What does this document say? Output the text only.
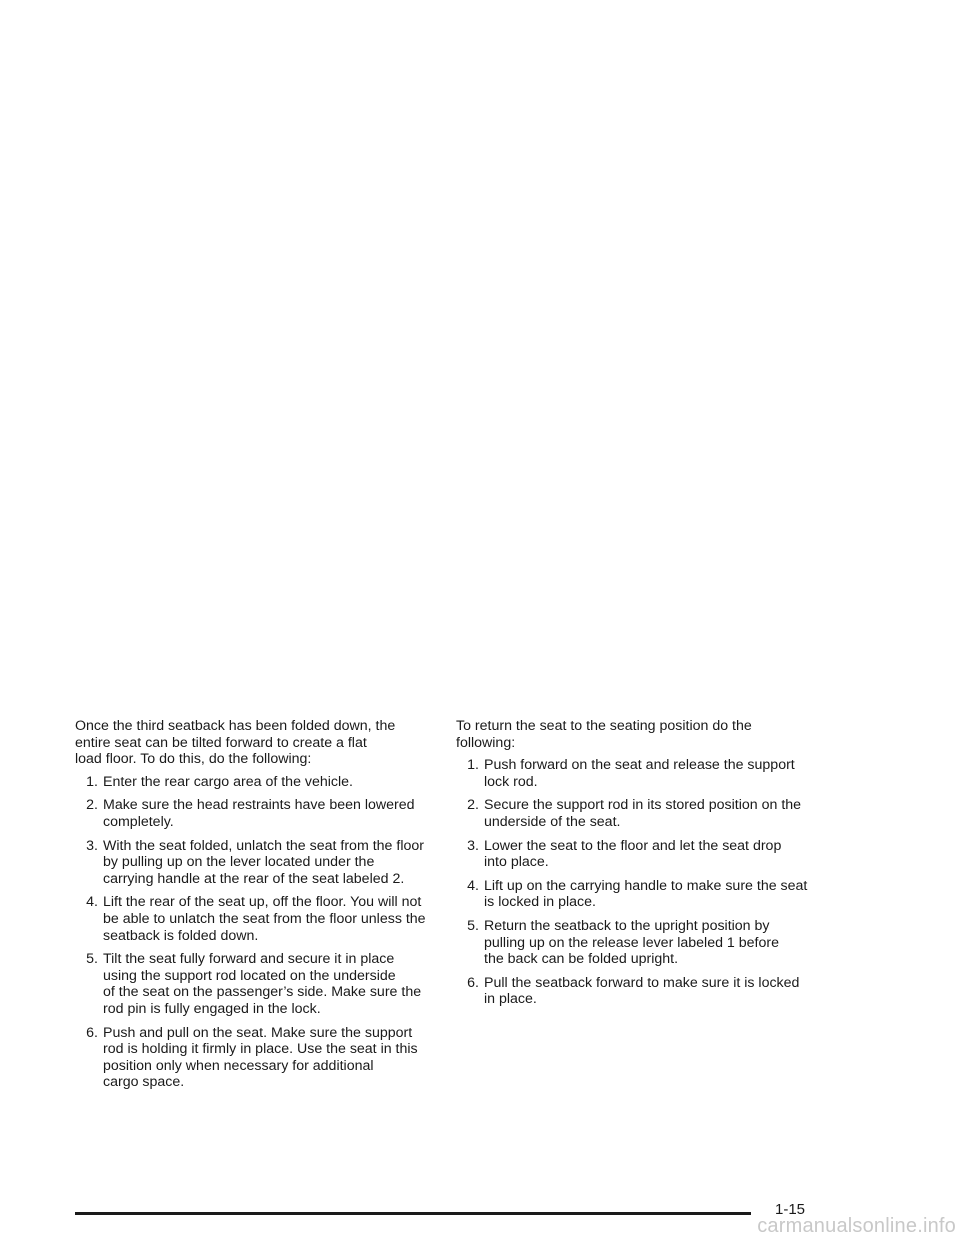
Once the third seatback has been folded down, the
entire seat can be tilted forward to create a flat
load floor. To do this, do the following:

1. Enter the rear cargo area of the vehicle.
2. Make sure the head restraints have been lowered
completely.
3. With the seat folded, unlatch the seat from the floor
by pulling up on the lever located under the
carrying handle at the rear of the seat labeled 2.
4. Lift the rear of the seat up, off the floor. You will not
be able to unlatch the seat from the floor unless the
seatback is folded down.
5. Tilt the seat fully forward and secure it in place
using the support rod located on the underside
of the seat on the passenger’s side. Make sure the
rod pin is fully engaged in the lock.
6. Push and pull on the seat. Make sure the support
rod is holding it firmly in place. Use the seat in this
position only when necessary for additional
cargo space.

To return the seat to the seating position do the
following:

1. Push forward on the seat and release the support
lock rod.
2. Secure the support rod in its stored position on the
underside of the seat.
3. Lower the seat to the floor and let the seat drop
into place.
4. Lift up on the carrying handle to make sure the seat
is locked in place.
5. Return the seatback to the upright position by
pulling up on the release lever labeled 1 before
the back can be folded upright.
6. Pull the seatback forward to make sure it is locked
in place.
1-15
carmanualsonline.info
